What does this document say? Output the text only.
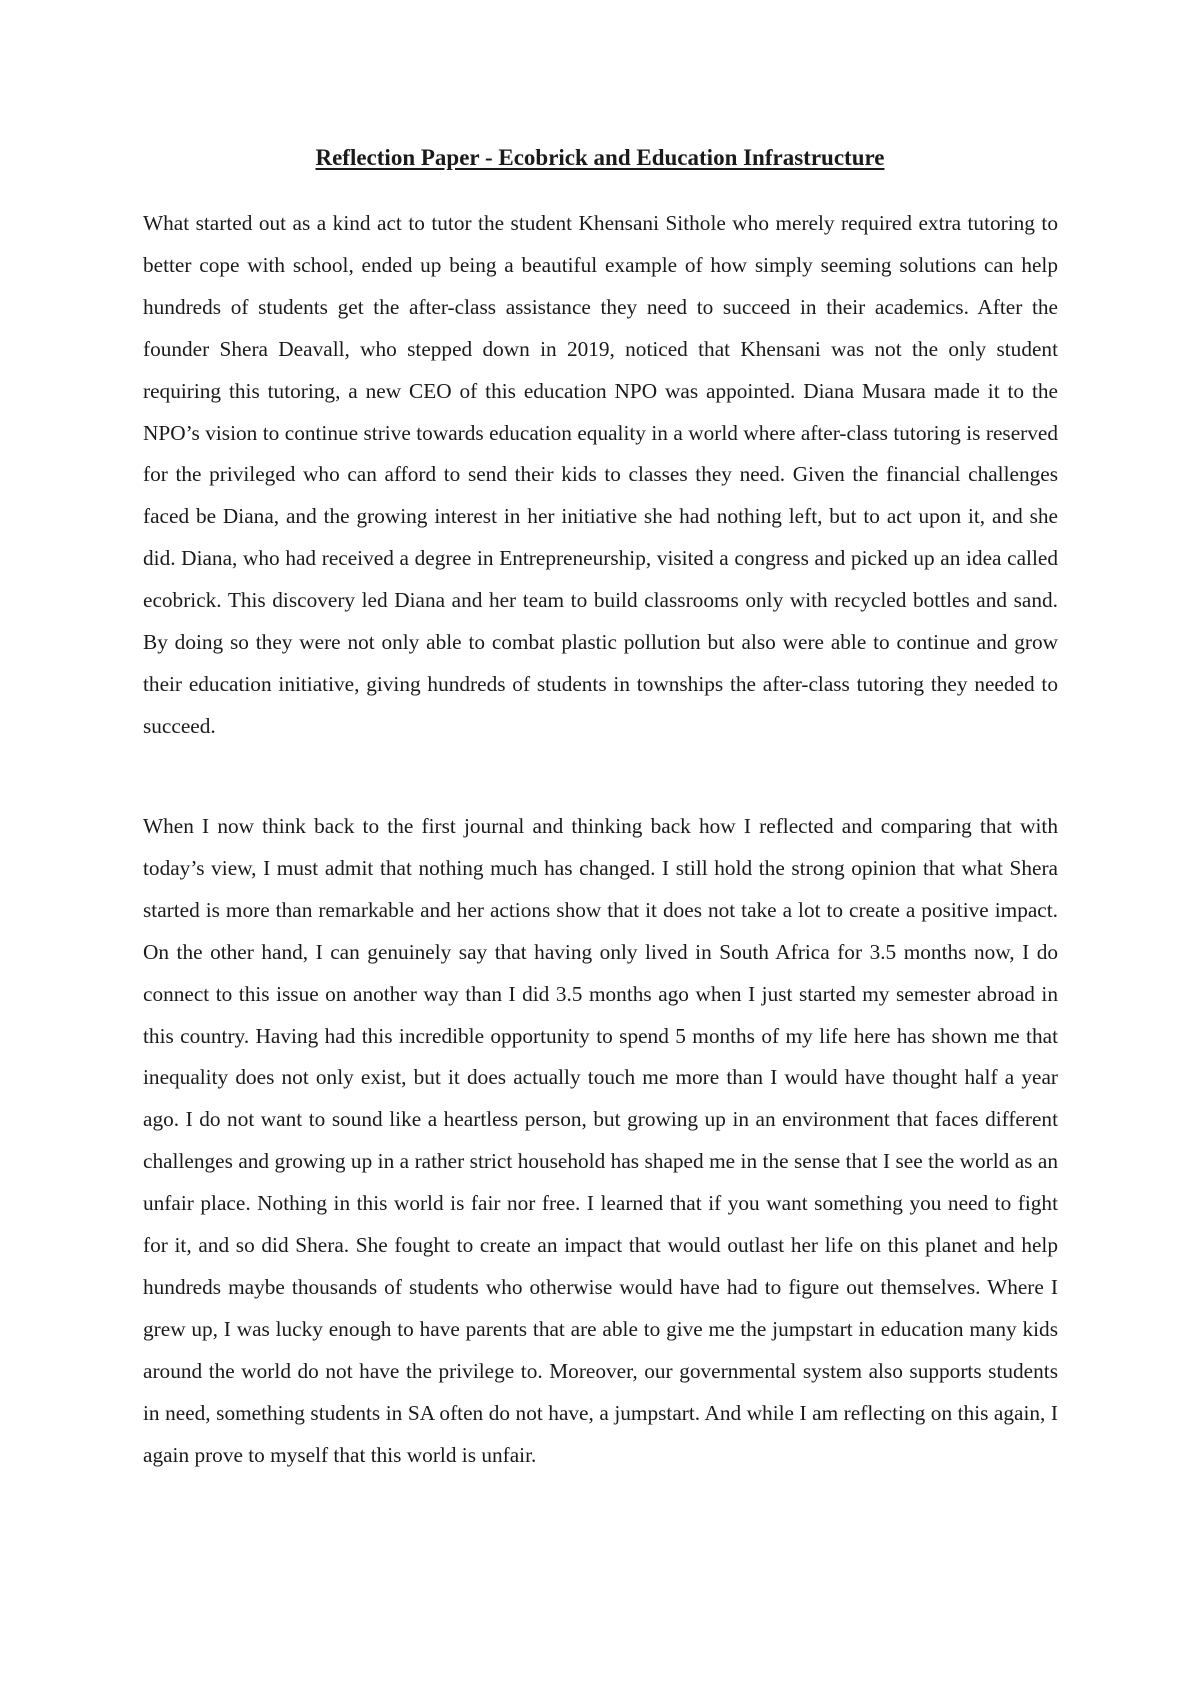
Reflection Paper - Ecobrick and Education Infrastructure

What started out as a kind act to tutor the student Khensani Sithole who merely required extra tutoring to better cope with school, ended up being a beautiful example of how simply seeming solutions can help hundreds of students get the after-class assistance they need to succeed in their academics. After the founder Shera Deavall, who stepped down in 2019, noticed that Khensani was not the only student requiring this tutoring, a new CEO of this education NPO was appointed. Diana Musara made it to the NPO’s vision to continue strive towards education equality in a world where after-class tutoring is reserved for the privileged who can afford to send their kids to classes they need. Given the financial challenges faced be Diana, and the growing interest in her initiative she had nothing left, but to act upon it, and she did. Diana, who had received a degree in Entrepreneurship, visited a congress and picked up an idea called ecobrick. This discovery led Diana and her team to build classrooms only with recycled bottles and sand. By doing so they were not only able to combat plastic pollution but also were able to continue and grow their education initiative, giving hundreds of students in townships the after-class tutoring they needed to succeed.

When I now think back to the first journal and thinking back how I reflected and comparing that with today’s view, I must admit that nothing much has changed. I still hold the strong opinion that what Shera started is more than remarkable and her actions show that it does not take a lot to create a positive impact. On the other hand, I can genuinely say that having only lived in South Africa for 3.5 months now, I do connect to this issue on another way than I did 3.5 months ago when I just started my semester abroad in this country. Having had this incredible opportunity to spend 5 months of my life here has shown me that inequality does not only exist, but it does actually touch me more than I would have thought half a year ago. I do not want to sound like a heartless person, but growing up in an environment that faces different challenges and growing up in a rather strict household has shaped me in the sense that I see the world as an unfair place. Nothing in this world is fair nor free. I learned that if you want something you need to fight for it, and so did Shera. She fought to create an impact that would outlast her life on this planet and help hundreds maybe thousands of students who otherwise would have had to figure out themselves. Where I grew up, I was lucky enough to have parents that are able to give me the jumpstart in education many kids around the world do not have the privilege to. Moreover, our governmental system also supports students in need, something students in SA often do not have, a jumpstart. And while I am reflecting on this again, I again prove to myself that this world is unfair.
